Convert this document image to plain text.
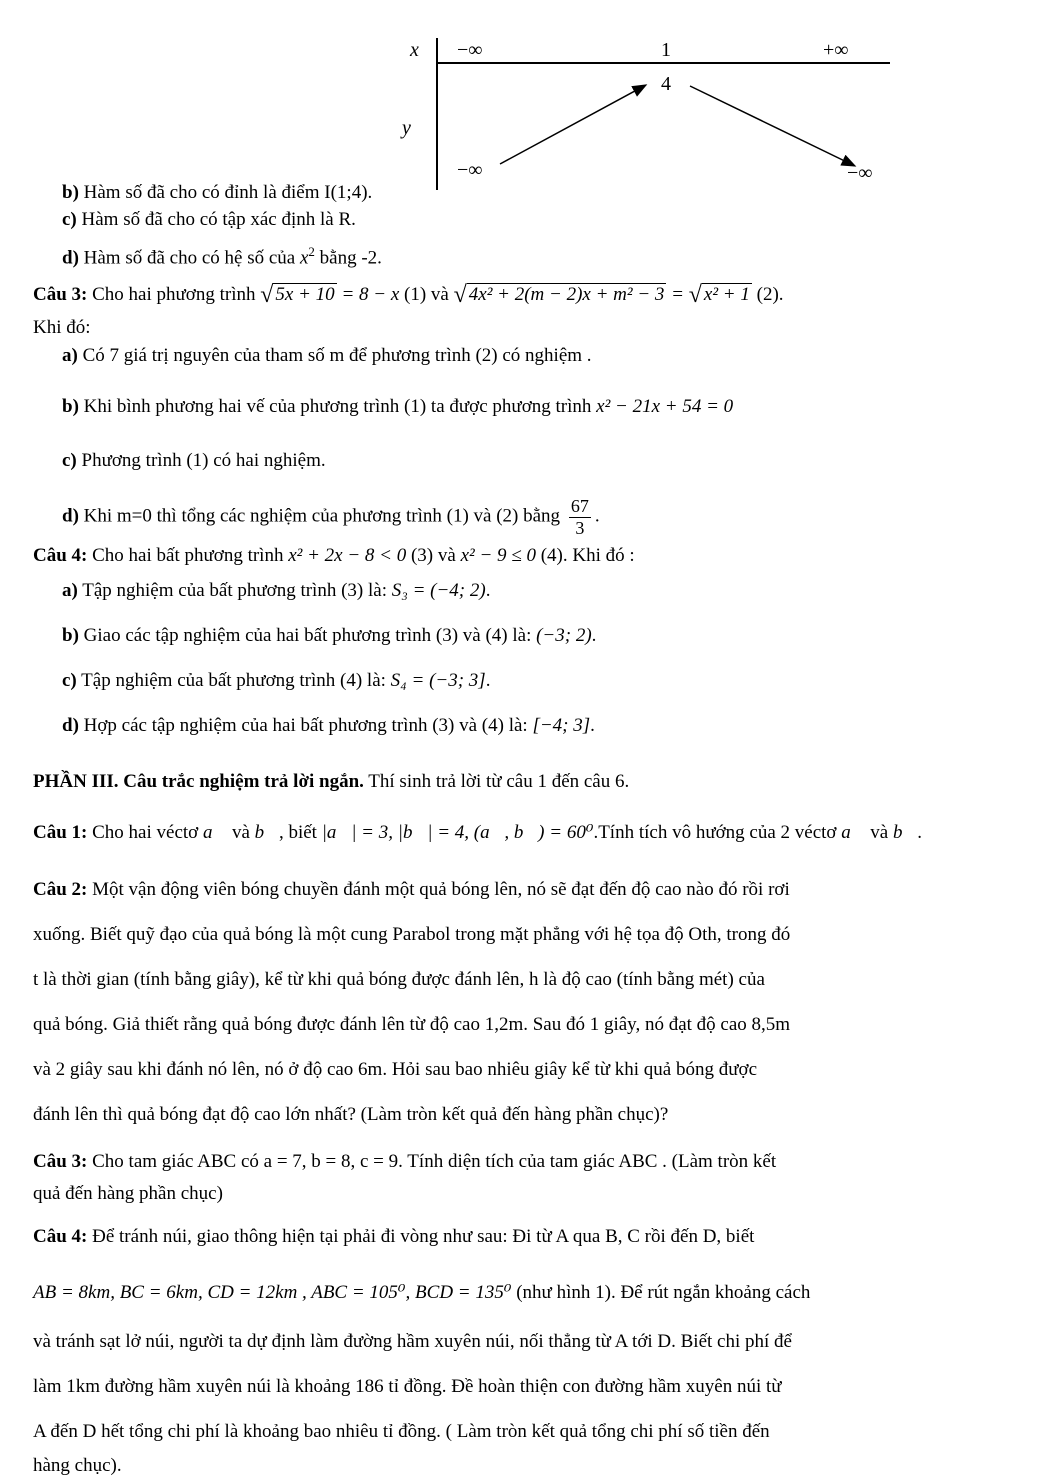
x −∞	1	+∞
y
−∞
4
−∞
b) Hàm số đã cho có đỉnh là điểm I(1;4).
c) Hàm số đã cho có tập xác định là R.
d) Hàm số đã cho có hệ số của $x^2$ bằng -2.
Câu 3: Cho hai phương trình √ 5x + 10 = 8 − x (1) và √ 4x² + 2(m − 2)x + m² − 3 = √ x² + 1 (2).
Khi đó:
a) Có 7 giá trị nguyên của tham số m để phương trình (2) có nghiệm .
b) Khi bình phương hai vế của phương trình (1) ta được phương trình x² − 21x + 54 = 0
c) Phương trình (1) có hai nghiệm.
d) Khi m=0 thì tổng các nghiệm của phương trình (1) và (2) bằng $\frac{67}{3}$ .
Câu 4: Cho hai bất phương trình x² + 2x − 8 < 0 (3) và x² − 9 ≤ 0 (4). Khi đó :
a) Tập nghiệm của bất phương trình (3) là: S₃ = (−4; 2).
b) Giao các tập nghiệm của hai bất phương trình (3) và (4) là: (−3; 2).
c) Tập nghiệm của bất phương trình (4) là: S₄ = (−3; 3].
d) Hợp các tập nghiệm của hai bất phương trình (3) và (4) là: [−4; 3].
PHẦN III. Câu trắc nghiệm trả lời ngắn. Thí sinh trả lời từ câu 1 đến câu 6.
Câu 1: Cho hai véctơ a⃗ và b⃗, biết |a⃗| = 3, |b⃗| = 4, (a⃗, b⃗) = 60⁰.Tính tích vô hướng của 2 véctơ a⃗ và b⃗.
Câu 2: Một vận động viên bóng chuyền đánh một quả bóng lên, nó sẽ đạt đến độ cao nào đó rồi rơi
xuống. Biết quỹ đạo của quả bóng là một cung Parabol trong mặt phẳng với hệ tọa độ Oth, trong đó
t là thời gian (tính bằng giây), kể từ khi quả bóng được đánh lên, h là độ cao (tính bằng mét) của
quả bóng. Giả thiết rằng quả bóng được đánh lên từ độ cao 1,2m. Sau đó 1 giây, nó đạt độ cao 8,5m
và 2 giây sau khi đánh nó lên, nó ở độ cao 6m. Hỏi sau bao nhiêu giây kể từ khi quả bóng được
đánh lên thì quả bóng đạt độ cao lớn nhất? (Làm tròn kết quả đến hàng phần chục)?
Câu 3: Cho tam giác ABC có a = 7, b = 8, c = 9. Tính diện tích của tam giác ABC . (Làm tròn kết
quả đến hàng phần chục)
Câu 4: Để tránh núi, giao thông hiện tại phải đi vòng như sau: Đi từ A qua B, C rồi đến D, biết
AB = 8km, BC = 6km, CD = 12km , ABC = 105⁰, BCD = 135⁰ (như hình 1). Để rút ngắn khoảng cách
và tránh sạt lở núi, người ta dự định làm đường hầm xuyên núi, nối thẳng từ A tới D. Biết chi phí để
làm 1km đường hầm xuyên núi là khoảng 186 tỉ đồng. Đề hoàn thiện con đường hầm xuyên núi từ
A đến D hết tổng chi phí là khoảng bao nhiêu tỉ đồng. ( Làm tròn kết quả tổng chi phí số tiền đến
hàng chục).
